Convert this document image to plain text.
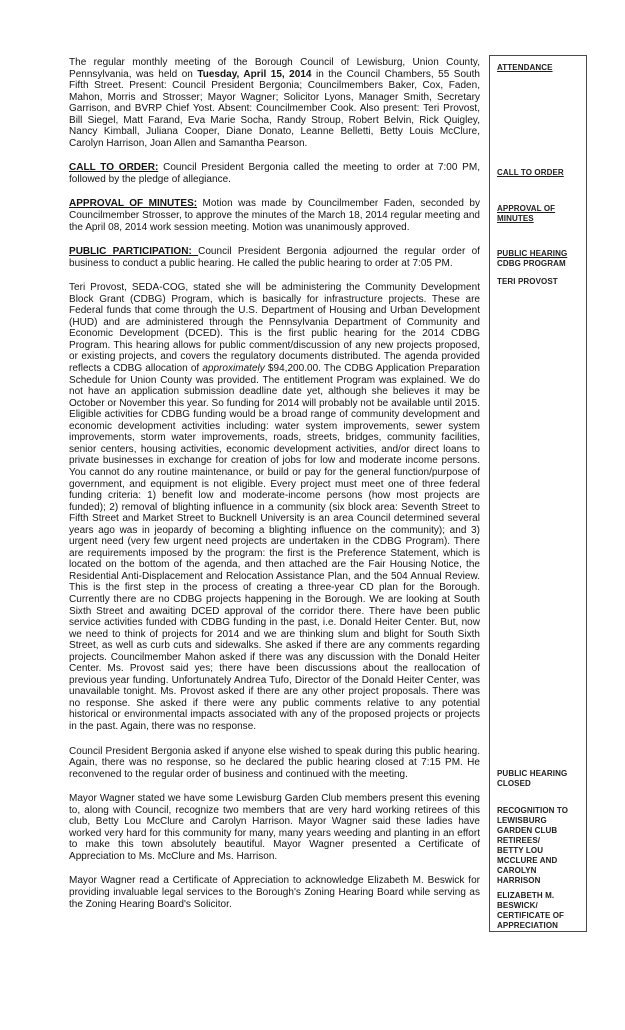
The regular monthly meeting of the Borough Council of Lewisburg, Union County, Pennsylvania, was held on Tuesday, April 15, 2014 in the Council Chambers, 55 South Fifth Street. Present: Council President Bergonia; Councilmembers Baker, Cox, Faden, Mahon, Morris and Strosser; Mayor Wagner; Solicitor Lyons, Manager Smith, Secretary Garrison, and BVRP Chief Yost. Absent: Councilmember Cook. Also present: Teri Provost, Bill Siegel, Matt Farand, Eva Marie Socha, Randy Stroup, Robert Belvin, Rick Quigley, Nancy Kimball, Juliana Cooper, Diane Donato, Leanne Belletti, Betty Louis McClure, Carolyn Harrison, Joan Allen and Samantha Pearson.

CALL TO ORDER: Council President Bergonia called the meeting to order at 7:00 PM, followed by the pledge of allegiance.

APPROVAL OF MINUTES: Motion was made by Councilmember Faden, seconded by Councilmember Strosser, to approve the minutes of the March 18, 2014 regular meeting and the April 08, 2014 work session meeting. Motion was unanimously approved.

PUBLIC PARTICIPATION: Council President Bergonia adjourned the regular order of business to conduct a public hearing. He called the public hearing to order at 7:05 PM.

Teri Provost, SEDA-COG, stated she will be administering the Community Development Block Grant (CDBG) Program, which is basically for infrastructure projects. These are Federal funds that come through the U.S. Department of Housing and Urban Development (HUD) and are administered through the Pennsylvania Department of Community and Economic Development (DCED). This is the first public hearing for the 2014 CDBG Program. This hearing allows for public comment/discussion of any new projects proposed, or existing projects, and covers the regulatory documents distributed. The agenda provided reflects a CDBG allocation of approximately $94,200.00. The CDBG Application Preparation Schedule for Union County was provided. The entitlement Program was explained. We do not have an application submission deadline date yet, although she believes it may be October or November this year. So funding for 2014 will probably not be available until 2015. Eligible activities for CDBG funding would be a broad range of community development and economic development activities including: water system improvements, sewer system improvements, storm water improvements, roads, streets, bridges, community facilities, senior centers, housing activities, economic development activities, and/or direct loans to private businesses in exchange for creation of jobs for low and moderate income persons. You cannot do any routine maintenance, or build or pay for the general function/purpose of government, and equipment is not eligible. Every project must meet one of three federal funding criteria: 1) benefit low and moderate-income persons (how most projects are funded); 2) removal of blighting influence in a community (six block area: Seventh Street to Fifth Street and Market Street to Bucknell University is an area Council determined several years ago was in jeopardy of becoming a blighting influence on the community); and 3) urgent need (very few urgent need projects are undertaken in the CDBG Program). There are requirements imposed by the program: the first is the Preference Statement, which is located on the bottom of the agenda, and then attached are the Fair Housing Notice, the Residential Anti-Displacement and Relocation Assistance Plan, and the 504 Annual Review. This is the first step in the process of creating a three-year CD plan for the Borough. Currently there are no CDBG projects happening in the Borough. We are looking at South Sixth Street and awaiting DCED approval of the corridor there. There have been public service activities funded with CDBG funding in the past, i.e. Donald Heiter Center. But, now we need to think of projects for 2014 and we are thinking slum and blight for South Sixth Street, as well as curb cuts and sidewalks. She asked if there are any comments regarding projects. Councilmember Mahon asked if there was any discussion with the Donald Heiter Center. Ms. Provost said yes; there have been discussions about the reallocation of previous year funding. Unfortunately Andrea Tufo, Director of the Donald Heiter Center, was unavailable tonight. Ms. Provost asked if there are any other project proposals. There was no response. She asked if there were any public comments relative to any potential historical or environmental impacts associated with any of the proposed projects or projects in the past. Again, there was no response.

Council President Bergonia asked if anyone else wished to speak during this public hearing. Again, there was no response, so he declared the public hearing closed at 7:15 PM. He reconvened to the regular order of business and continued with the meeting.

Mayor Wagner stated we have some Lewisburg Garden Club members present this evening to, along with Council, recognize two members that are very hard working retirees of this club, Betty Lou McClure and Carolyn Harrison. Mayor Wagner said these ladies have worked very hard for this community for many, many years weeding and planting in an effort to make this town absolutely beautiful. Mayor Wagner presented a Certificate of Appreciation to Ms. McClure and Ms. Harrison.

Mayor Wagner read a Certificate of Appreciation to acknowledge Elizabeth M. Beswick for providing invaluable legal services to the Borough's Zoning Hearing Board while serving as the Zoning Hearing Board's Solicitor.

ATTENDANCE
CALL TO ORDER
APPROVAL OF
MINUTES
PUBLIC HEARING
CDBG PROGRAM
TERI PROVOST
PUBLIC HEARING
CLOSED
RECOGNITION TO
LEWISBURG
GARDEN CLUB
RETIREES/
BETTY LOU
MCCLURE AND
CAROLYN
HARRISON
ELIZABETH M.
BESWICK/
CERTIFICATE OF
APPRECIATION
